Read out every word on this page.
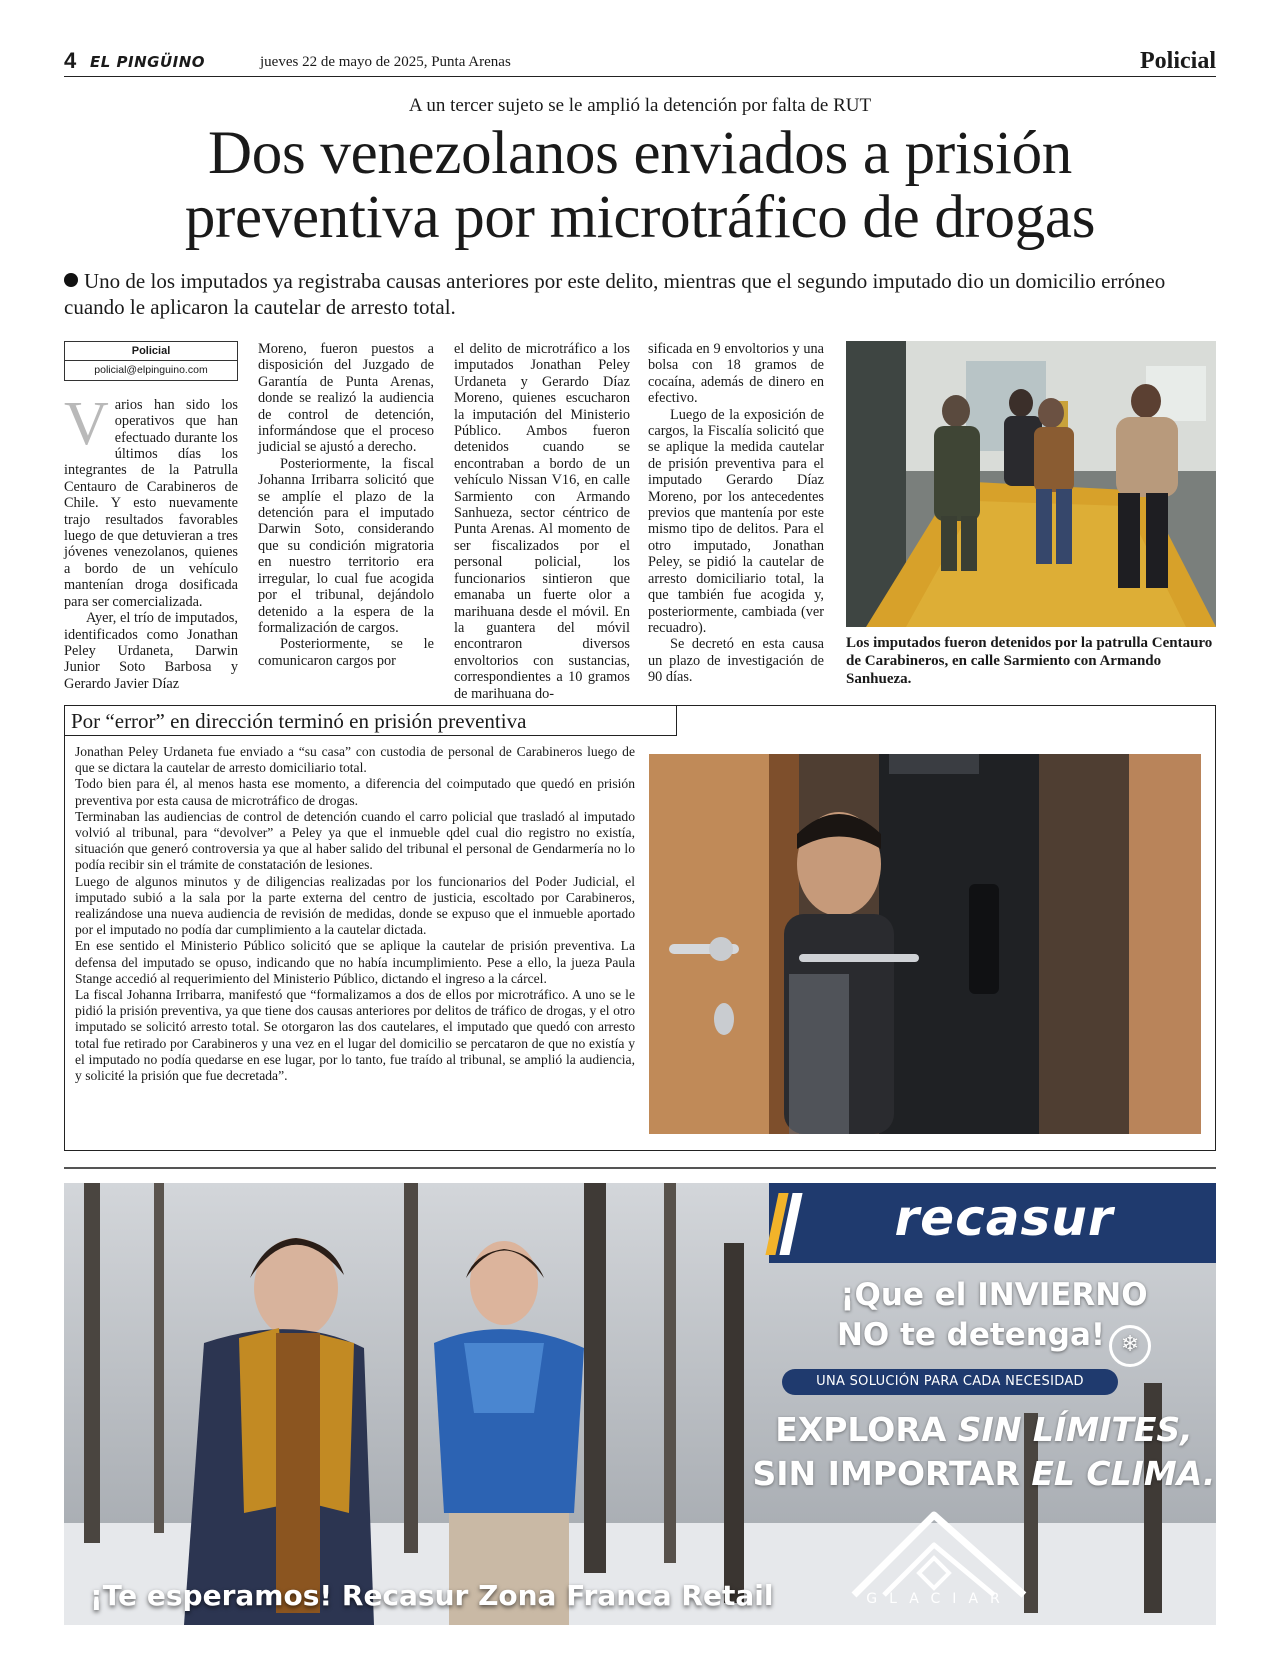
4 EL PINGÜINO	jueves 22 de mayo de 2025, Punta Arenas	Policial
A un tercer sujeto se le amplió la detención por falta de RUT
Dos venezolanos enviados a prisión
preventiva por microtráfico de drogas
Uno de los imputados ya registraba causas anteriores por este delito, mientras que el segundo imputado dio un domicilio erróneo cuando le aplicaron la cautelar de arresto total.
Policial
policial@elpinguino.com

Varios han sido los operativos que han efectuado durante los últimos días los integrantes de la Patrulla Centauro de Carabineros de Chile. Y esto nuevamente trajo resultados favorables luego de que detuvieran a tres jóvenes venezolanos, quienes a bordo de un vehículo mantenían droga dosificada para ser comercializada.

Ayer, el trío de imputados, identificados como Jonathan Peley Urdaneta, Darwin Junior Soto Barbosa y Gerardo Javier Díaz

Moreno, fueron puestos a disposición del Juzgado de Garantía de Punta Arenas, donde se realizó la audiencia de control de detención, informándose que el proceso judicial se ajustó a derecho.

Posteriormente, la fiscal Johanna Irribarra solicitó que se amplíe el plazo de la detención para el imputado Darwin Soto, considerando que su condición migratoria en nuestro territorio era irregular, lo cual fue acogida por el tribunal, dejándolo detenido a la espera de la formalización de cargos.

Posteriormente, se le comunicaron cargos por

el delito de microtráfico a los imputados Jonathan Peley Urdaneta y Gerardo Díaz Moreno, quienes escucharon la imputación del Ministerio Público. Ambos fueron detenidos cuando se encontraban a bordo de un vehículo Nissan V16, en calle Sarmiento con Armando Sanhueza, sector céntrico de Punta Arenas. Al momento de ser fiscalizados por el personal policial, los funcionarios sintieron que emanaba un fuerte olor a marihuana desde el móvil. En la guantera del móvil encontraron diversos envoltorios con sustancias, correspondientes a 10 gramos de marihuana do-

sificada en 9 envoltorios y una bolsa con 18 gramos de cocaína, además de dinero en efectivo.

Luego de la exposición de cargos, la Fiscalía solicitó que se aplique la medida cautelar de prisión preventiva para el imputado Gerardo Díaz Moreno, por los antecedentes previos que mantenía por este mismo tipo de delitos. Para el otro imputado, Jonathan Peley, se pidió la cautelar de arresto domiciliario total, la que también fue acogida y, posteriormente, cambiada (ver recuadro).

Se decretó en esta causa un plazo de investigación de 90 días.

Los imputados fueron detenidos por la patrulla Centauro de Carabineros, en calle Sarmiento con Armando Sanhueza.
Por “error” en dirección terminó en prisión preventiva

Jonathan Peley Urdaneta fue enviado a “su casa” con custodia de personal de Carabineros luego de que se dictara la cautelar de arresto domiciliario total.

Todo bien para él, al menos hasta ese momento, a diferencia del coimputado que quedó en prisión preventiva por esta causa de microtráfico de drogas.

Terminaban las audiencias de control de detención cuando el carro policial que trasladó al imputado volvió al tribunal, para “devolver” a Peley ya que el inmueble qdel cual dio registro no existía, situación que generó controversia ya que al haber salido del tribunal el personal de Gendarmería no lo podía recibir sin el trámite de constatación de lesiones.

Luego de algunos minutos y de diligencias realizadas por los funcionarios del Poder Judicial, el imputado subió a la sala por la parte externa del centro de justicia, escoltado por Carabineros, realizándose una nueva audiencia de revisión de medidas, donde se expuso que el inmueble aportado por el imputado no podía dar cumplimiento a la cautelar dictada.

En ese sentido el Ministerio Público solicitó que se aplique la cautelar de prisión preventiva. La defensa del imputado se opuso, indicando que no había incumplimiento. Pese a ello, la jueza Paula Stange accedió al requerimiento del Ministerio Público, dictando el ingreso a la cárcel.

La fiscal Johanna Irribarra, manifestó que “formalizamos a dos de ellos por microtráfico. A uno se le pidió la prisión preventiva, ya que tiene dos causas anteriores por delitos de tráfico de drogas, y el otro imputado se solicitó arresto total. Se otorgaron las dos cautelares, el imputado que quedó con arresto total fue retirado por Carabineros y una vez en el lugar del domicilio se percataron de que no existía y el imputado no podía quedarse en ese lugar, por lo tanto, fue traído al tribunal, se amplió la audiencia, y solicité la prisión que fue decretada”.

recasur
¡Que el INVIERNO
NO te detenga! ❄
UNA SOLUCIÓN PARA CADA NECESIDAD
EXPLORA SIN LÍMITES,
SIN IMPORTAR EL CLIMA.
GLACIAR
¡Te esperamos! Recasur Zona Franca Retail
